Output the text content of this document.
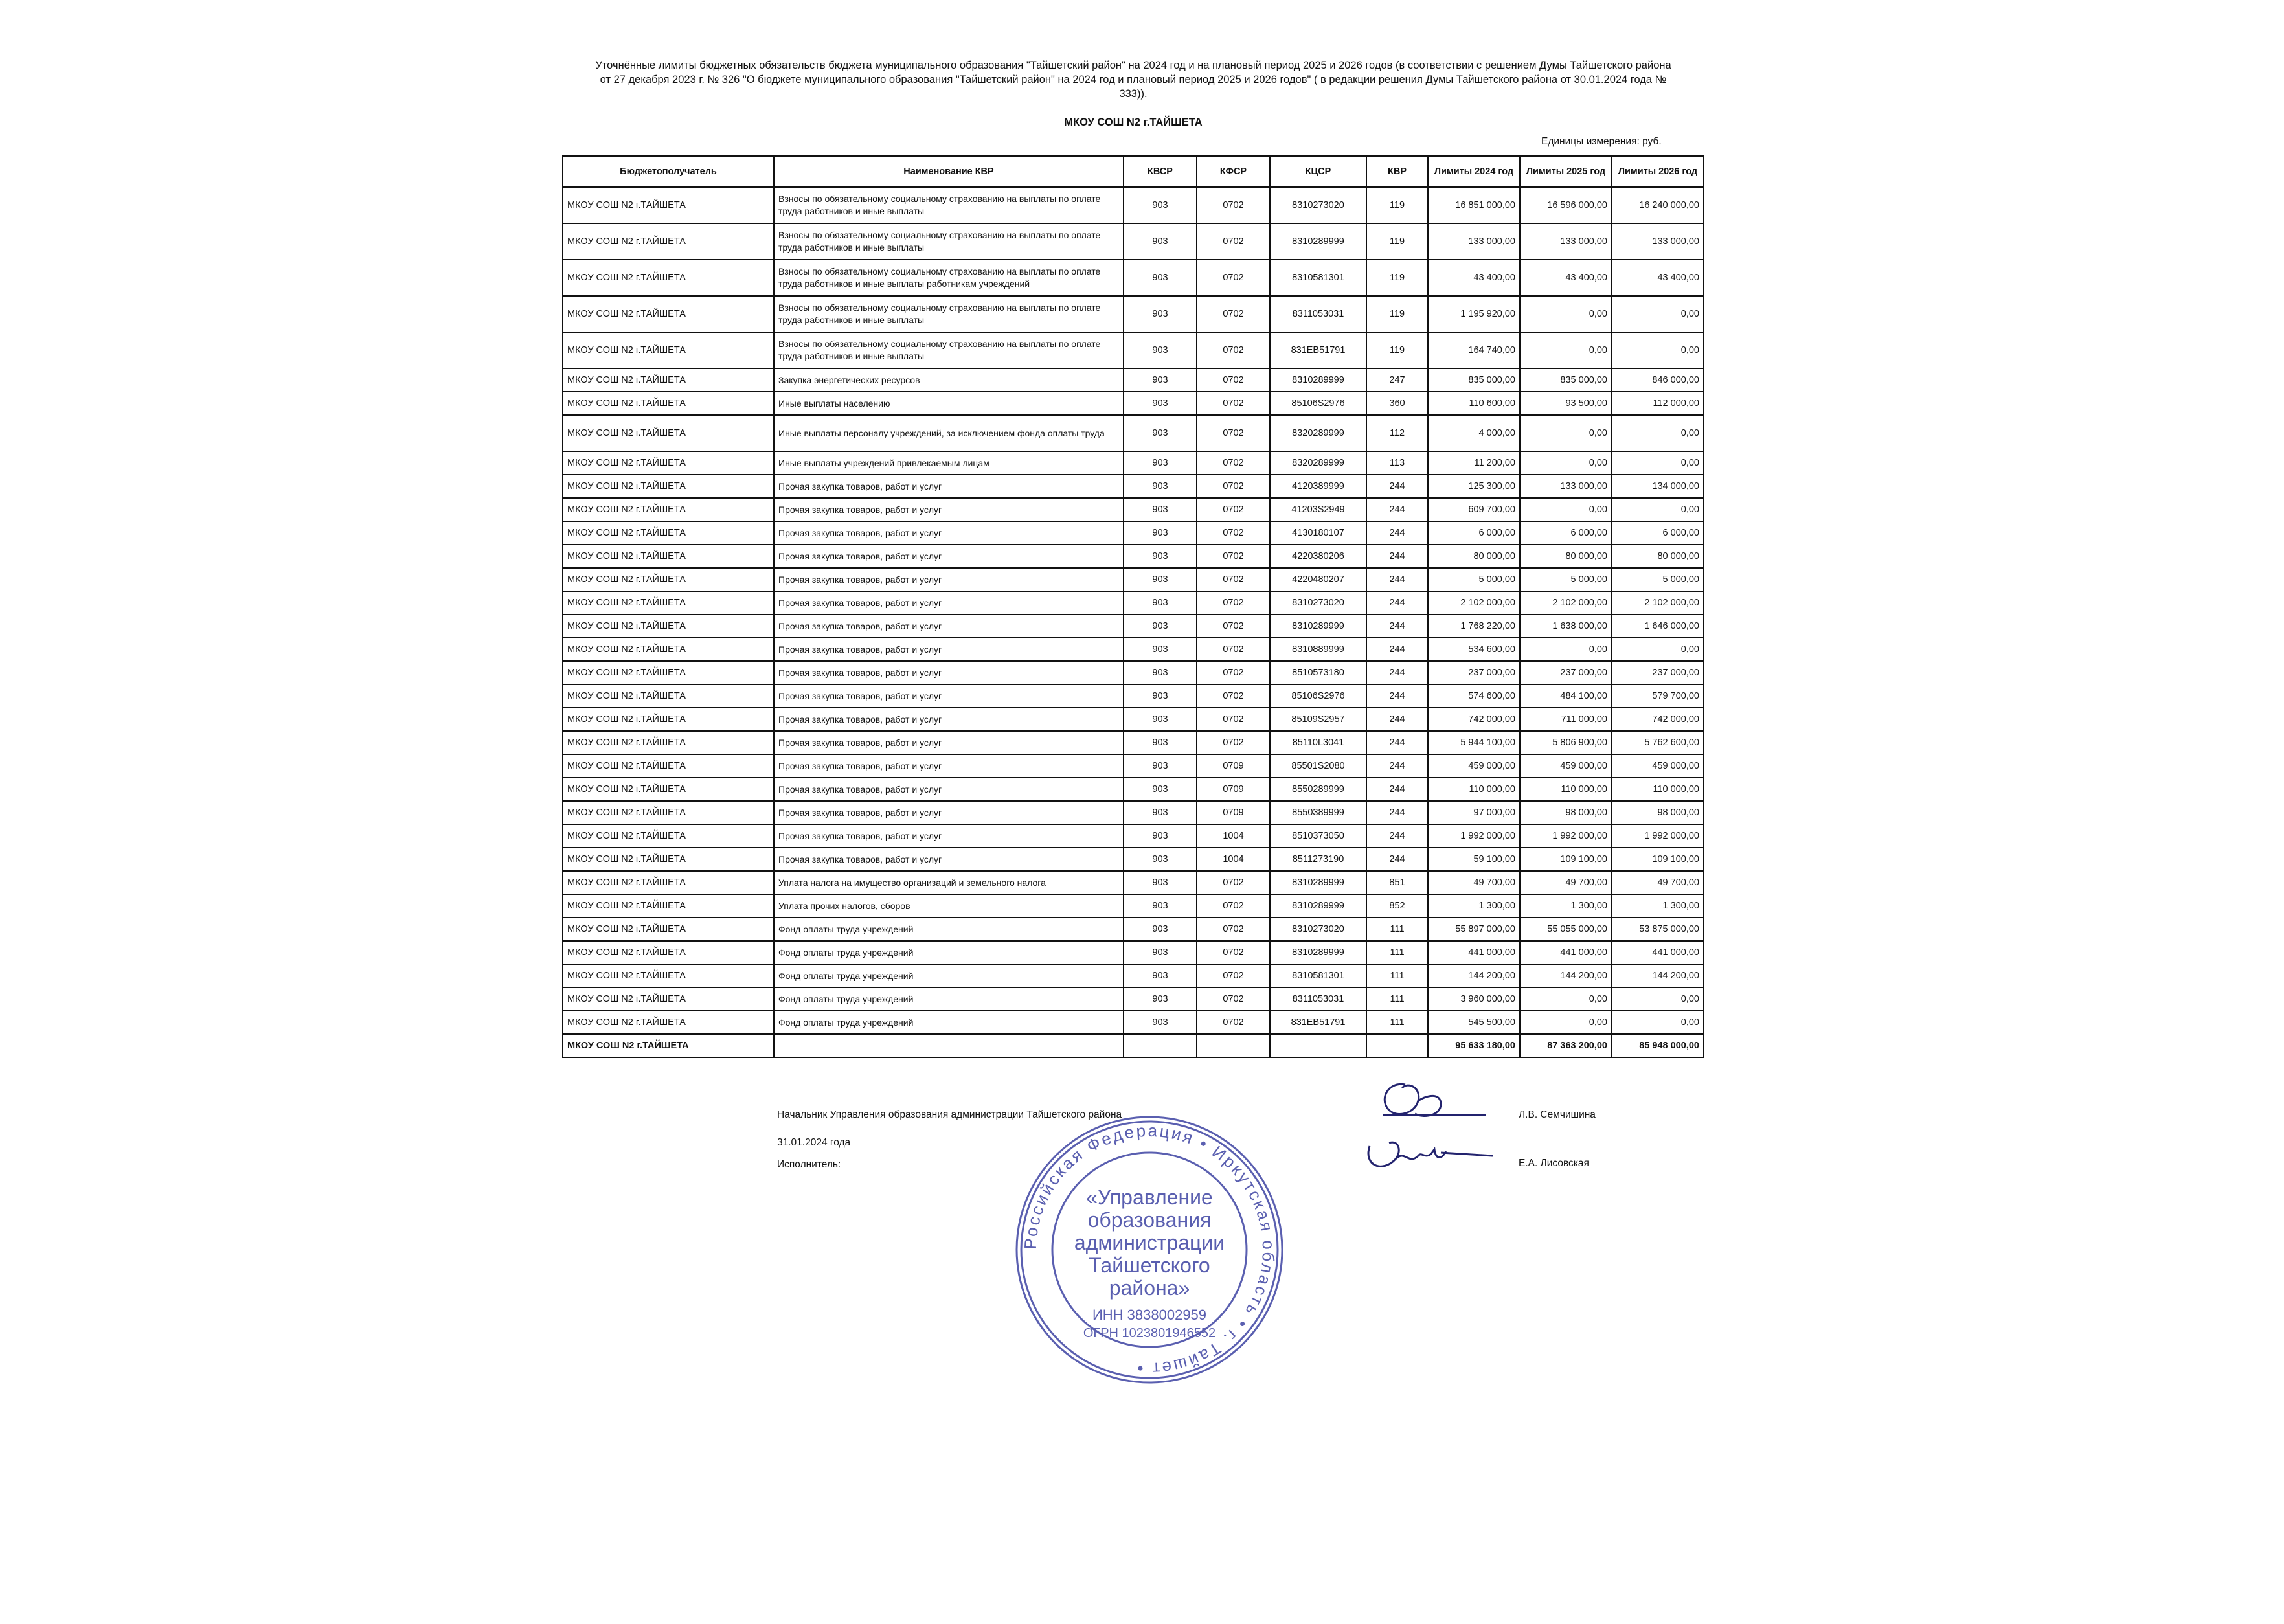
Уточнённые лимиты бюджетных обязательств бюджета муниципального образования "Тайшетский район" на 2024 год и на плановый период 2025 и 2026 годов (в соответствии с решением Думы Тайшетского района
от 27 декабря 2023 г. № 326 "О бюджете муниципального образования "Тайшетский район" на 2024 год и плановый период 2025 и 2026 годов" ( в редакции решения Думы Тайшетского района от 30.01.2024 года №
333)).
МКОУ СОШ N2 г.ТАЙШЕТА
Единицы измерения: руб.
Бюджетополучатель	Наименование КВР	КВСР	КФСР	КЦСР	КВР	Лимиты 2024 год	Лимиты 2025 год	Лимиты 2026 год
МКОУ СОШ N2 г.ТАЙШЕТА	Взносы по обязательному социальному страхованию на выплаты по оплате труда работников и иные выплаты	903	0702	8310273020	119	16 851 000,00	16 596 000,00	16 240 000,00
МКОУ СОШ N2 г.ТАЙШЕТА	Взносы по обязательному социальному страхованию на выплаты по оплате труда работников и иные выплаты	903	0702	8310289999	119	133 000,00	133 000,00	133 000,00
МКОУ СОШ N2 г.ТАЙШЕТА	Взносы по обязательному социальному страхованию на выплаты по оплате труда работников и иные выплаты работникам учреждений	903	0702	8310581301	119	43 400,00	43 400,00	43 400,00
МКОУ СОШ N2 г.ТАЙШЕТА	Взносы по обязательному социальному страхованию на выплаты по оплате труда работников и иные выплаты	903	0702	8311053031	119	1 195 920,00	0,00	0,00
МКОУ СОШ N2 г.ТАЙШЕТА	Взносы по обязательному социальному страхованию на выплаты по оплате труда работников и иные выплаты	903	0702	831EB51791	119	164 740,00	0,00	0,00
МКОУ СОШ N2 г.ТАЙШЕТА	Закупка энергетических ресурсов	903	0702	8310289999	247	835 000,00	835 000,00	846 000,00
МКОУ СОШ N2 г.ТАЙШЕТА	Иные выплаты населению	903	0702	85106S2976	360	110 600,00	93 500,00	112 000,00
МКОУ СОШ N2 г.ТАЙШЕТА	Иные выплаты персоналу учреждений, за исключением фонда оплаты труда	903	0702	8320289999	112	4 000,00	0,00	0,00
МКОУ СОШ N2 г.ТАЙШЕТА	Иные выплаты учреждений привлекаемым лицам	903	0702	8320289999	113	11 200,00	0,00	0,00
МКОУ СОШ N2 г.ТАЙШЕТА	Прочая закупка товаров, работ и услуг	903	0702	4120389999	244	125 300,00	133 000,00	134 000,00
МКОУ СОШ N2 г.ТАЙШЕТА	Прочая закупка товаров, работ и услуг	903	0702	41203S2949	244	609 700,00	0,00	0,00
МКОУ СОШ N2 г.ТАЙШЕТА	Прочая закупка товаров, работ и услуг	903	0702	4130180107	244	6 000,00	6 000,00	6 000,00
МКОУ СОШ N2 г.ТАЙШЕТА	Прочая закупка товаров, работ и услуг	903	0702	4220380206	244	80 000,00	80 000,00	80 000,00
МКОУ СОШ N2 г.ТАЙШЕТА	Прочая закупка товаров, работ и услуг	903	0702	4220480207	244	5 000,00	5 000,00	5 000,00
МКОУ СОШ N2 г.ТАЙШЕТА	Прочая закупка товаров, работ и услуг	903	0702	8310273020	244	2 102 000,00	2 102 000,00	2 102 000,00
МКОУ СОШ N2 г.ТАЙШЕТА	Прочая закупка товаров, работ и услуг	903	0702	8310289999	244	1 768 220,00	1 638 000,00	1 646 000,00
МКОУ СОШ N2 г.ТАЙШЕТА	Прочая закупка товаров, работ и услуг	903	0702	8310889999	244	534 600,00	0,00	0,00
МКОУ СОШ N2 г.ТАЙШЕТА	Прочая закупка товаров, работ и услуг	903	0702	8510573180	244	237 000,00	237 000,00	237 000,00
МКОУ СОШ N2 г.ТАЙШЕТА	Прочая закупка товаров, работ и услуг	903	0702	85106S2976	244	574 600,00	484 100,00	579 700,00
МКОУ СОШ N2 г.ТАЙШЕТА	Прочая закупка товаров, работ и услуг	903	0702	85109S2957	244	742 000,00	711 000,00	742 000,00
МКОУ СОШ N2 г.ТАЙШЕТА	Прочая закупка товаров, работ и услуг	903	0702	85110L3041	244	5 944 100,00	5 806 900,00	5 762 600,00
МКОУ СОШ N2 г.ТАЙШЕТА	Прочая закупка товаров, работ и услуг	903	0709	85501S2080	244	459 000,00	459 000,00	459 000,00
МКОУ СОШ N2 г.ТАЙШЕТА	Прочая закупка товаров, работ и услуг	903	0709	8550289999	244	110 000,00	110 000,00	110 000,00
МКОУ СОШ N2 г.ТАЙШЕТА	Прочая закупка товаров, работ и услуг	903	0709	8550389999	244	97 000,00	98 000,00	98 000,00
МКОУ СОШ N2 г.ТАЙШЕТА	Прочая закупка товаров, работ и услуг	903	1004	8510373050	244	1 992 000,00	1 992 000,00	1 992 000,00
МКОУ СОШ N2 г.ТАЙШЕТА	Прочая закупка товаров, работ и услуг	903	1004	8511273190	244	59 100,00	109 100,00	109 100,00
МКОУ СОШ N2 г.ТАЙШЕТА	Уплата налога на имущество организаций и земельного налога	903	0702	8310289999	851	49 700,00	49 700,00	49 700,00
МКОУ СОШ N2 г.ТАЙШЕТА	Уплата прочих налогов, сборов	903	0702	8310289999	852	1 300,00	1 300,00	1 300,00
МКОУ СОШ N2 г.ТАЙШЕТА	Фонд оплаты труда учреждений	903	0702	8310273020	111	55 897 000,00	55 055 000,00	53 875 000,00
МКОУ СОШ N2 г.ТАЙШЕТА	Фонд оплаты труда учреждений	903	0702	8310289999	111	441 000,00	441 000,00	441 000,00
МКОУ СОШ N2 г.ТАЙШЕТА	Фонд оплаты труда учреждений	903	0702	8310581301	111	144 200,00	144 200,00	144 200,00
МКОУ СОШ N2 г.ТАЙШЕТА	Фонд оплаты труда учреждений	903	0702	8311053031	111	3 960 000,00	0,00	0,00
МКОУ СОШ N2 г.ТАЙШЕТА	Фонд оплаты труда учреждений	903	0702	831EB51791	111	545 500,00	0,00	0,00
МКОУ СОШ N2 г.ТАЙШЕТА						95 633 180,00	87 363 200,00	85 948 000,00
Начальник Управления образования администрации Тайшетского района
31.01.2024 года
Исполнитель:
Л.В. Семчишина
Е.А. Лисовская
Российская Федерация • Иркутская область • г. Тайшет •
«Управление
образования
администрации
Тайшетского
района»
ИНН 3838002959
ОГРН 1023801946552
